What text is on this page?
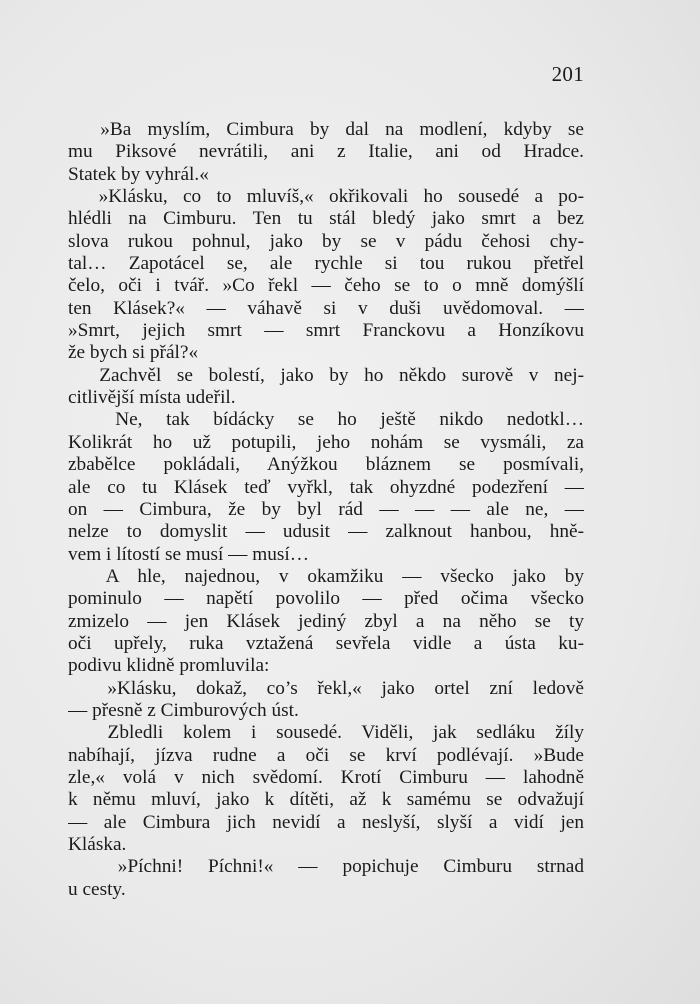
201
»Ba myslím, Cimbura by dal na modlení, kdyby se
mu Piksové nevrátili, ani z Italie, ani od Hradce.
Statek by vyhrál.«
»Klásku, co to mluvíš,« okřikovali ho sousedé a po-
hlédli na Cimburu. Ten tu stál bledý jako smrt a bez
slova rukou pohnul, jako by se v pádu čehosi chy-
tal… Zapotácel se, ale rychle si tou rukou přetřel
čelo, oči i tvář. »Co řekl — čeho se to o mně domýšlí
ten Klásek?« — váhavě si v duši uvědomoval. —
»Smrt, jejich smrt — smrt Franckovu a Honzíkovu
že bych si přál?«
Zachvěl se bolestí, jako by ho někdo surově v nej-
citlivější místa udeřil.
Ne, tak bídácky se ho ještě nikdo nedotkl…
Kolikrát ho už potupili, jeho nohám se vysmáli, za
zbabělce pokládali, Anýžkou bláznem se posmívali,
ale co tu Klásek teď vyřkl, tak ohyzdné podezření —
on — Cimbura, že by byl rád — — — ale ne, —
nelze to domyslit — udusit — zalknout hanbou, hně-
vem i lítostí se musí — musí…
A hle, najednou, v okamžiku — všecko jako by
pominulo — napětí povolilo — před očima všecko
zmizelo — jen Klásek jediný zbyl a na něho se ty
oči upřely, ruka vztažená sevřela vidle a ústa ku-
podivu klidně promluvila:
»Klásku, dokaž, co’s řekl,« jako ortel zní ledově
— přesně z Cimburových úst.
Zbledli kolem i sousedé. Viděli, jak sedláku žíly
nabíhají, jízva rudne a oči se krví podlévají. »Bude
zle,« volá v nich svědomí. Krotí Cimburu — lahodně
k němu mluví, jako k dítěti, až k samému se odvažují
— ale Cimbura jich nevidí a neslyší, slyší a vidí jen
Kláska.
»Píchni! Píchni!« — popichuje Cimburu strnad
u cesty.
